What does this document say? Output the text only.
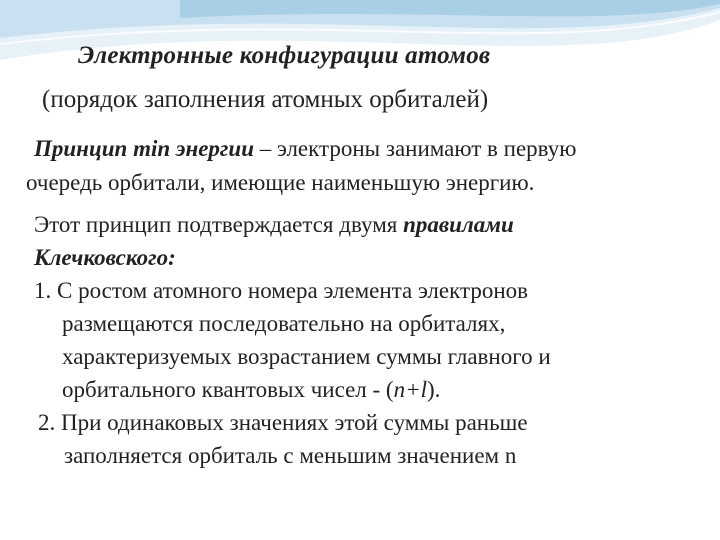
Электронные конфигурации атомов
(порядок заполнения атомных орбиталей)
Принцип min энергии – электроны занимают в первую
очередь орбитали, имеющие наименьшую энергию.
Этот принцип подтверждается двумя правилами
Клечковского:
1. С ростом атомного номера элемента электронов
размещаются последовательно на орбиталях,
характеризуемых возрастанием суммы главного и
орбитального квантовых чисел - (n+l).
2. При одинаковых значениях этой суммы раньше
заполняется орбиталь с меньшим значением n
